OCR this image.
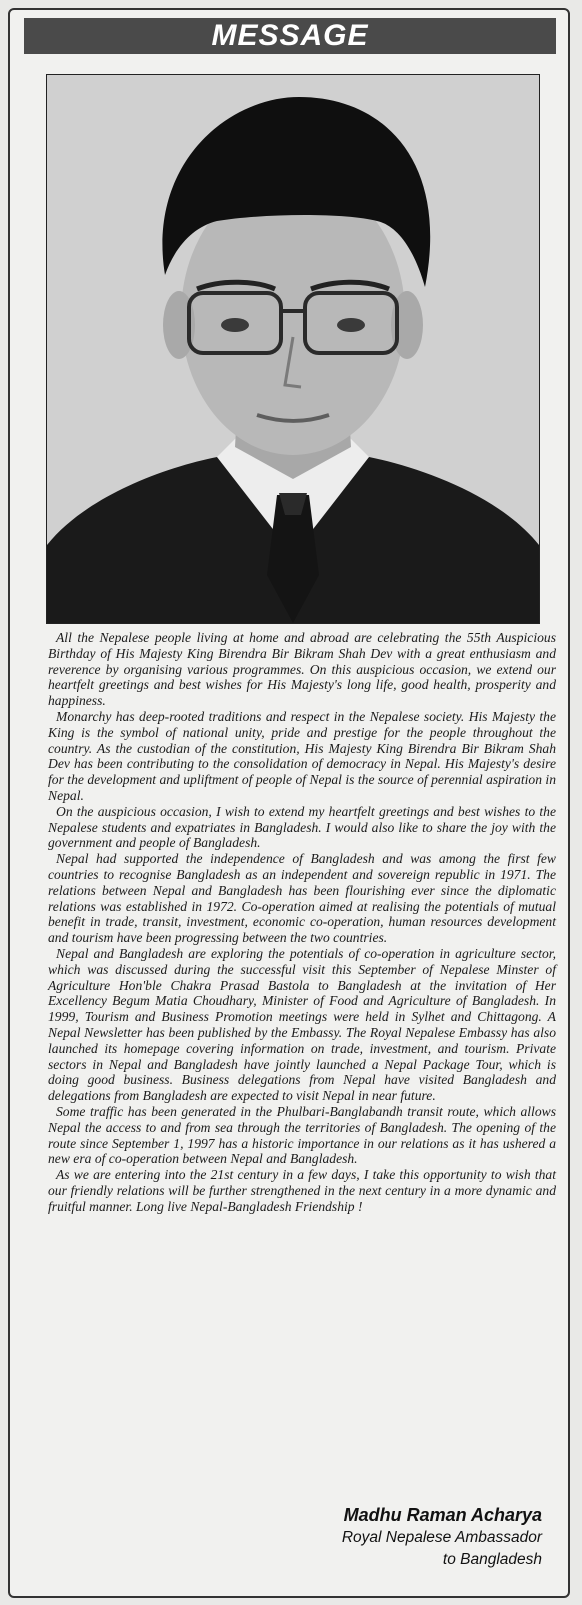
MESSAGE

All the Nepalese people living at home and abroad are celebrating the 55th Auspicious Birthday of His Majesty King Birendra Bir Bikram Shah Dev with a great enthusiasm and reverence by organising various programmes. On this auspicious occasion, we extend our heartfelt greetings and best wishes for His Majesty's long life, good health, prosperity and happiness.

Monarchy has deep-rooted traditions and respect in the Nepalese society. His Majesty the King is the symbol of national unity, pride and prestige for the people throughout the country. As the custodian of the constitution, His Majesty King Birendra Bir Bikram Shah Dev has been contributing to the consolidation of democracy in Nepal. His Majesty's desire for the development and upliftment of people of Nepal is the source of perennial aspiration in Nepal.

On the auspicious occasion, I wish to extend my heartfelt greetings and best wishes to the Nepalese students and expatriates in Bangladesh. I would also like to share the joy with the government and people of Bangladesh.

Nepal had supported the independence of Bangladesh and was among the first few countries to recognise Bangladesh as an independent and sovereign republic in 1971. The relations between Nepal and Bangladesh has been flourishing ever since the diplomatic relations was established in 1972. Co-operation aimed at realising the potentials of mutual benefit in trade, transit, investment, economic co-operation, human resources development and tourism have been progressing between the two countries.

Nepal and Bangladesh are exploring the potentials of co-operation in agriculture sector, which was discussed during the successful visit this September of Nepalese Minster of Agriculture Hon'ble Chakra Prasad Bastola to Bangladesh at the invitation of Her Excellency Begum Matia Choudhary, Minister of Food and Agriculture of Bangladesh. In 1999, Tourism and Business Promotion meetings were held in Sylhet and Chittagong. A Nepal Newsletter has been published by the Embassy. The Royal Nepalese Embassy has also launched its homepage covering information on trade, investment, and tourism. Private sectors in Nepal and Bangladesh have jointly launched a Nepal Package Tour, which is doing good business. Business delegations from Nepal have visited Bangladesh and delegations from Bangladesh are expected to visit Nepal in near future.

Some traffic has been generated in the Phulbari-Banglabandh transit route, which allows Nepal the access to and from sea through the territories of Bangladesh. The opening of the route since September 1, 1997 has a historic importance in our relations as it has ushered a new era of co-operation between Nepal and Bangladesh.

As we are entering into the 21st century in a few days, I take this opportunity to wish that our friendly relations will be further strengthened in the next century in a more dynamic and fruitful manner. Long live Nepal-Bangladesh Friendship !

Madhu Raman Acharya
Royal Nepalese Ambassador
to Bangladesh
